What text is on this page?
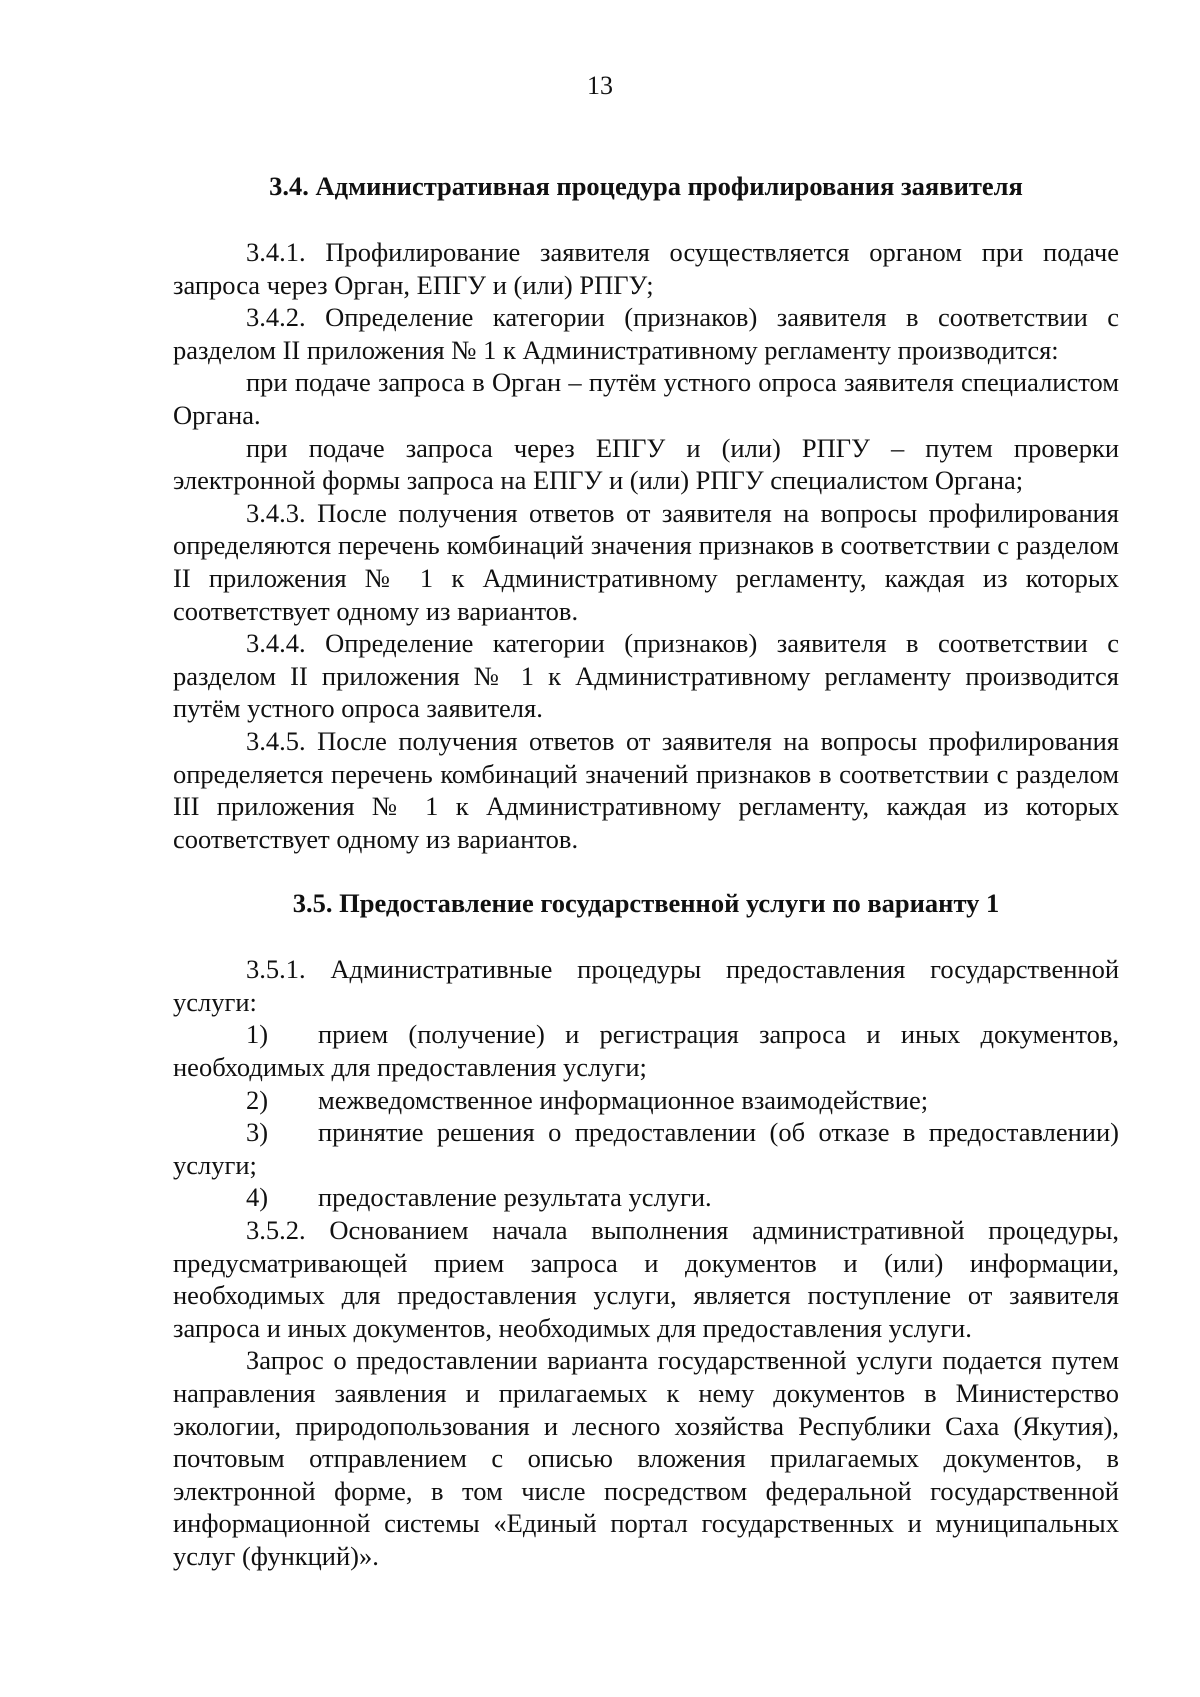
13
3.4. Административная процедура профилирования заявителя

3.4.1. Профилирование заявителя осуществляется органом при подаче запроса через Орган, ЕПГУ и (или) РПГУ;

3.4.2. Определение категории (признаков) заявителя в соответствии с разделом II приложения № 1 к Административному регламенту производится:

при подаче запроса в Орган – путём устного опроса заявителя специалистом Органа.

при подаче запроса через ЕПГУ и (или) РПГУ – путем проверки электронной формы запроса на ЕПГУ и (или) РПГУ специалистом Органа;

3.4.3. После получения ответов от заявителя на вопросы профилирования определяются перечень комбинаций значения признаков в соответствии с разделом II приложения № 1 к Административному регламенту, каждая из которых соответствует одному из вариантов.

3.4.4. Определение категории (признаков) заявителя в соответствии с разделом II приложения № 1 к Административному регламенту производится путём устного опроса заявителя.

3.4.5. После получения ответов от заявителя на вопросы профилирования определяется перечень комбинаций значений признаков в соответствии с разделом III приложения № 1 к Административному регламенту, каждая из которых соответствует одному из вариантов.

3.5. Предоставление государственной услуги по варианту 1

3.5.1. Административные процедуры предоставления государственной услуги:

1) прием (получение) и регистрация запроса и иных документов, необходимых для предоставления услуги;

2) межведомственное информационное взаимодействие;

3) принятие решения о предоставлении (об отказе в предоставлении) услуги;

4) предоставление результата услуги.

3.5.2. Основанием начала выполнения административной процедуры, предусматривающей прием запроса и документов и (или) информации, необходимых для предоставления услуги, является поступление от заявителя запроса и иных документов, необходимых для предоставления услуги.

Запрос о предоставлении варианта государственной услуги подается путем направления заявления и прилагаемых к нему документов в Министерство экологии, природопользования и лесного хозяйства Республики Саха (Якутия), почтовым отправлением с описью вложения прилагаемых документов, в электронной форме, в том числе посредством федеральной государственной информационной системы «Единый портал государственных и муниципальных услуг (функций)».
